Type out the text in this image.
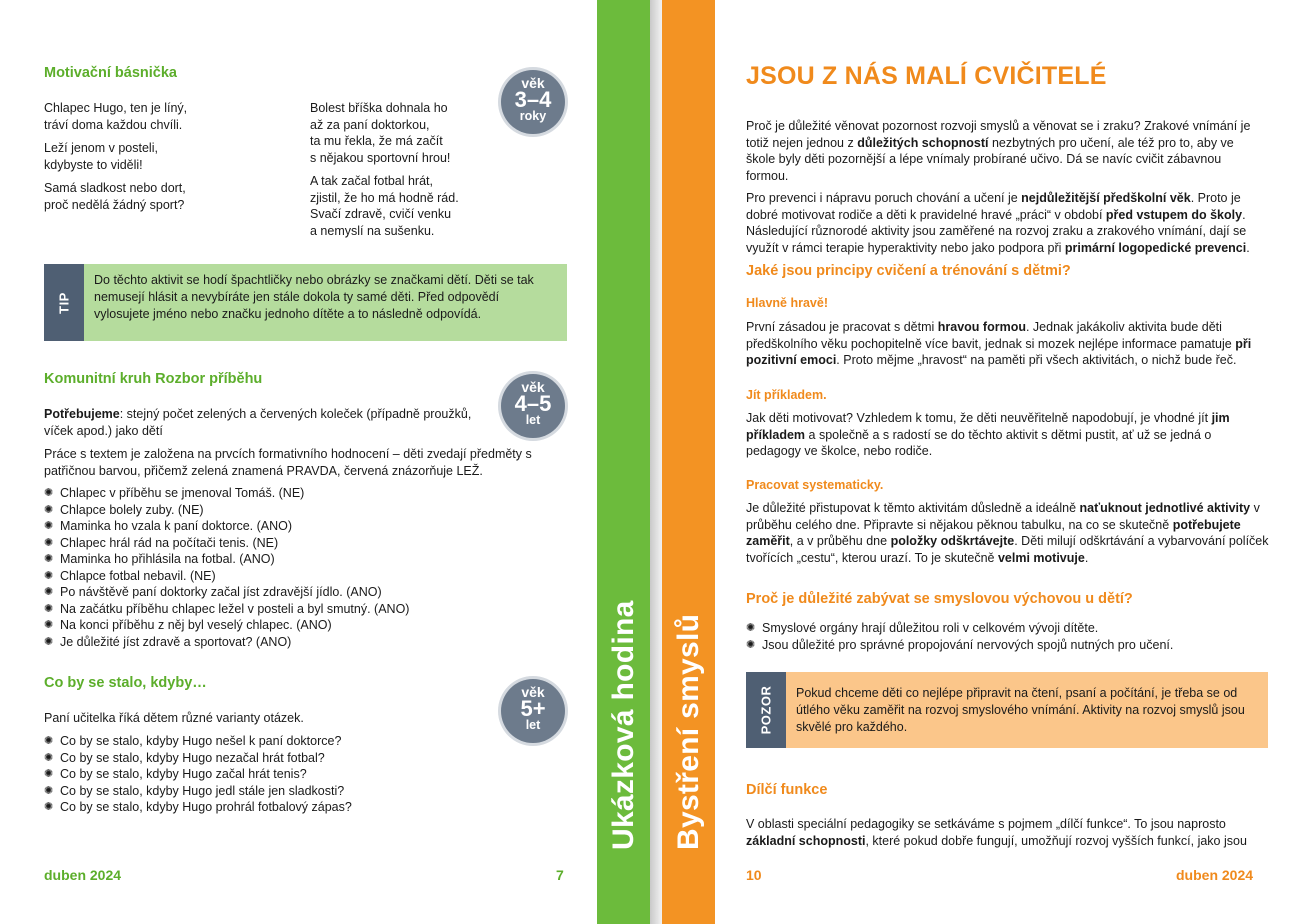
Motivační básnička
věk
3–4
roky
Chlapec Hugo, ten je líný,
tráví doma každou chvíli.
Leží jenom v posteli,
kdybyste to viděli!
Samá sladkost nebo dort,
proč nedělá žádný sport?
Bolest bříška dohnala ho
až za paní doktorkou,
ta mu řekla, že má začít
s nějakou sportovní hrou!
A tak začal fotbal hrát,
zjistil, že ho má hodně rád.
Svačí zdravě, cvičí venku
a nemyslí na sušenku.
TIP
Do těchto aktivit se hodí špachtličky nebo obrázky se značkami dětí. Děti se tak nemusejí hlásit a nevybíráte jen stále dokola ty samé děti. Před odpovědí vylosujete jméno nebo značku jednoho dítěte a to následně odpovídá.
Komunitní kruh Rozbor příběhu	věk
4–5
let
Potřebujeme: stejný počet zelených a červených koleček (případně proužků, víček apod.) jako dětí
Práce s textem je založena na prvcích formativního hodnocení – děti zvedají předměty s patřičnou barvou, přičemž zelená znamená PRAVDA, červená znázorňuje LEŽ.
✺ Chlapec v příběhu se jmenoval Tomáš. (NE)
✺ Chlapce bolely zuby. (NE)
✺ Maminka ho vzala k paní doktorce. (ANO)
✺ Chlapec hrál rád na počítači tenis. (NE)
✺ Maminka ho přihlásila na fotbal. (ANO)
✺ Chlapce fotbal nebavil. (NE)
✺ Po návštěvě paní doktorky začal jíst zdravější jídlo. (ANO)
✺ Na začátku příběhu chlapec ležel v posteli a byl smutný. (ANO)
✺ Na konci příběhu z něj byl veselý chlapec. (ANO)
✺ Je důležité jíst zdravě a sportovat? (ANO)
Co by se stalo, kdyby…
věk
5+
let
Paní učitelka říká dětem různé varianty otázek.
✺ Co by se stalo, kdyby Hugo nešel k paní doktorce?
✺ Co by se stalo, kdyby Hugo nezačal hrát fotbal?
✺ Co by se stalo, kdyby Hugo začal hrát tenis?
✺ Co by se stalo, kdyby Hugo jedl stále jen sladkosti?
✺ Co by se stalo, kdyby Hugo prohrál fotbalový zápas?
duben 2024	7
Ukázková hodina Bystření smyslů
JSOU Z NÁS MALÍ CVIČITELÉ

Proč je důležité věnovat pozornost rozvoji smyslů a věnovat se i zraku? Zrakové vnímání je totiž nejen jednou z důležitých schopností nezbytných pro učení, ale též pro to, aby ve škole byly děti pozornější a lépe vnímaly probírané učivo. Dá se navíc cvičit zábavnou formou.

Pro prevenci i nápravu poruch chování a učení je nejdůležitější předškolní věk. Proto je dobré motivovat rodiče a děti k pravidelné hravé „práci“ v období před vstupem do školy. Následující různorodé aktivity jsou zaměřené na rozvoj zraku a zrakového vnímání, dají se využít v rámci terapie hyperaktivity nebo jako podpora při primární logopedické prevenci.

Jaké jsou principy cvičení a trénování s dětmi?
Hlavně hravě!
První zásadou je pracovat s dětmi hravou formou. Jednak jakákoliv aktivita bude děti předškolního věku pochopitelně více bavit, jednak si mozek nejlépe informace pamatuje při pozitivní emoci. Proto mějme „hravost“ na paměti při všech aktivitách, o nichž bude řeč.
Jít příkladem.
Jak děti motivovat? Vzhledem k tomu, že děti neuvěřitelně napodobují, je vhodné jít jim příkladem a společně a s radostí se do těchto aktivit s dětmi pustit, ať už se jedná o pedagogy ve školce, nebo rodiče.
Pracovat systematicky.
Je důležité přistupovat k těmto aktivitám důsledně a ideálně naťuknout jednotlivé aktivity v průběhu celého dne. Připravte si nějakou pěknou tabulku, na co se skutečně potřebujete zaměřit, a v průběhu dne položky odškrtávejte. Děti milují odškrtávání a vybarvování políček tvořících „cestu“, kterou urazí. To je skutečně velmi motivuje.
Proč je důležité zabývat se smyslovou výchovou u dětí?
✺ Smyslové orgány hrají důležitou roli v celkovém vývoji dítěte.
✺ Jsou důležité pro správné propojování nervových spojů nutných pro učení.
POZOR	Pokud chceme děti co nejlépe připravit na čtení, psaní a počítání, je třeba se od útlého věku zaměřit na rozvoj smyslového vnímání. Aktivity na rozvoj smyslů jsou skvělé pro každého.
Dílčí funkce
V oblasti speciální pedagogiky se setkáváme s pojmem „dílčí funkce“. To jsou naprosto základní schopnosti, které pokud dobře fungují, umožňují rozvoj vyšších funkcí, jako jsou
10	duben 2024
